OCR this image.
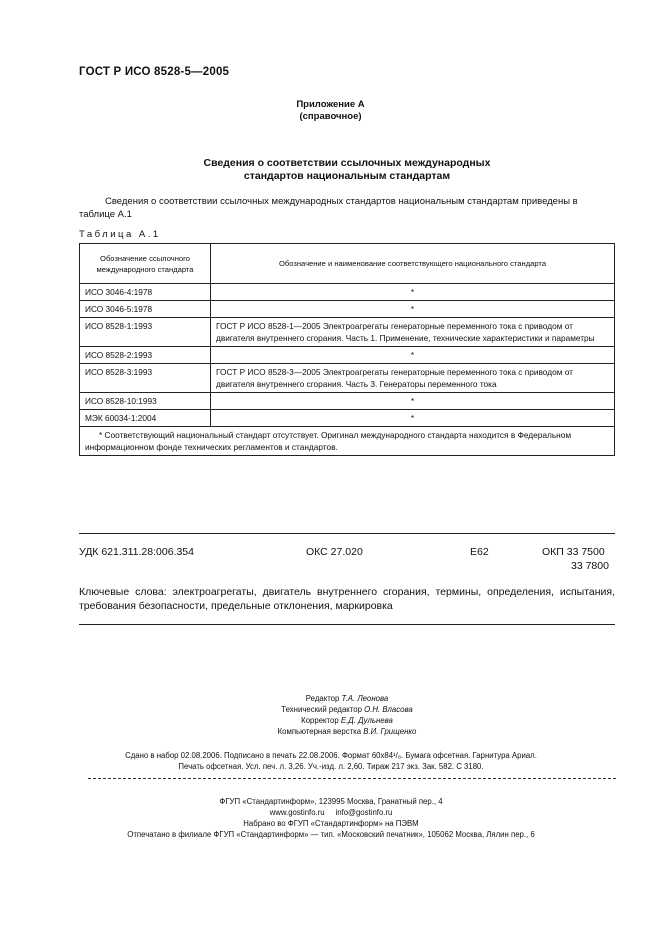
ГОСТ Р ИСО 8528-5—2005
Приложение А
(справочное)
Сведения о соответствии ссылочных международных
стандартов национальным стандартам
Сведения о соответствии ссылочных международных стандартов национальным стандартам приведены в таблице А.1
Таблица А.1
Обозначение ссылочного международного стандарта	Обозначение и наименование соответствующего национального стандарта
ИСО 3046-4:1978	*
ИСО 3046-5:1978	*
ИСО 8528-1:1993	ГОСТ Р ИСО 8528-1—2005 Электроагрегаты генераторные переменного тока с приводом от двигателя внутреннего сгорания. Часть 1. Применение, технические характеристики и параметры
ИСО 8528-2:1993	*
ИСО 8528-3:1993	ГОСТ Р ИСО 8528-3—2005 Электроагрегаты генераторные переменного тока с приводом от двигателя внутреннего сгорания. Часть 3. Генераторы переменного тока
ИСО 8528-10:1993	*
МЭК 60034-1:2004	*
* Соответствующий национальный стандарт отсутствует. Оригинал международного стандарта находится в Федеральном информационном фонде технических регламентов и стандартов.	
УДК 621.311.28:006.354	ОКС 27.020	Е62	ОКП 33 7500
33 7800
Ключевые слова: электроагрегаты, двигатель внутреннего сгорания, термины, определения, испытания, требования безопасности, предельные отклонения, маркировка
Редактор Т.А. Леонова
Технический редактор О.Н. Власова
Корректор Е.Д. Дульнева
Компьютерная верстка В.И. Грищенко
Сдано в набор 02.08.2006. Подписано в печать 22.08.2006. Формат 60x84¹/₈. Бумага офсетная. Гарнитура Ариал.
Печать офсетная. Усл. печ. л. 3,26. Уч.-изд. л. 2,60. Тираж 217 экз. Зак. 582. С 3180.
ФГУП «Стандартинформ», 123995 Москва, Гранатный пер., 4
www.gostinfo.ru info@gostinfo.ru
Набрано во ФГУП «Стандартинформ» на ПЭВМ
Отпечатано в филиале ФГУП «Стандартинформ» — тип. «Московский печатник», 105062 Москва, Лялин пер., 6
